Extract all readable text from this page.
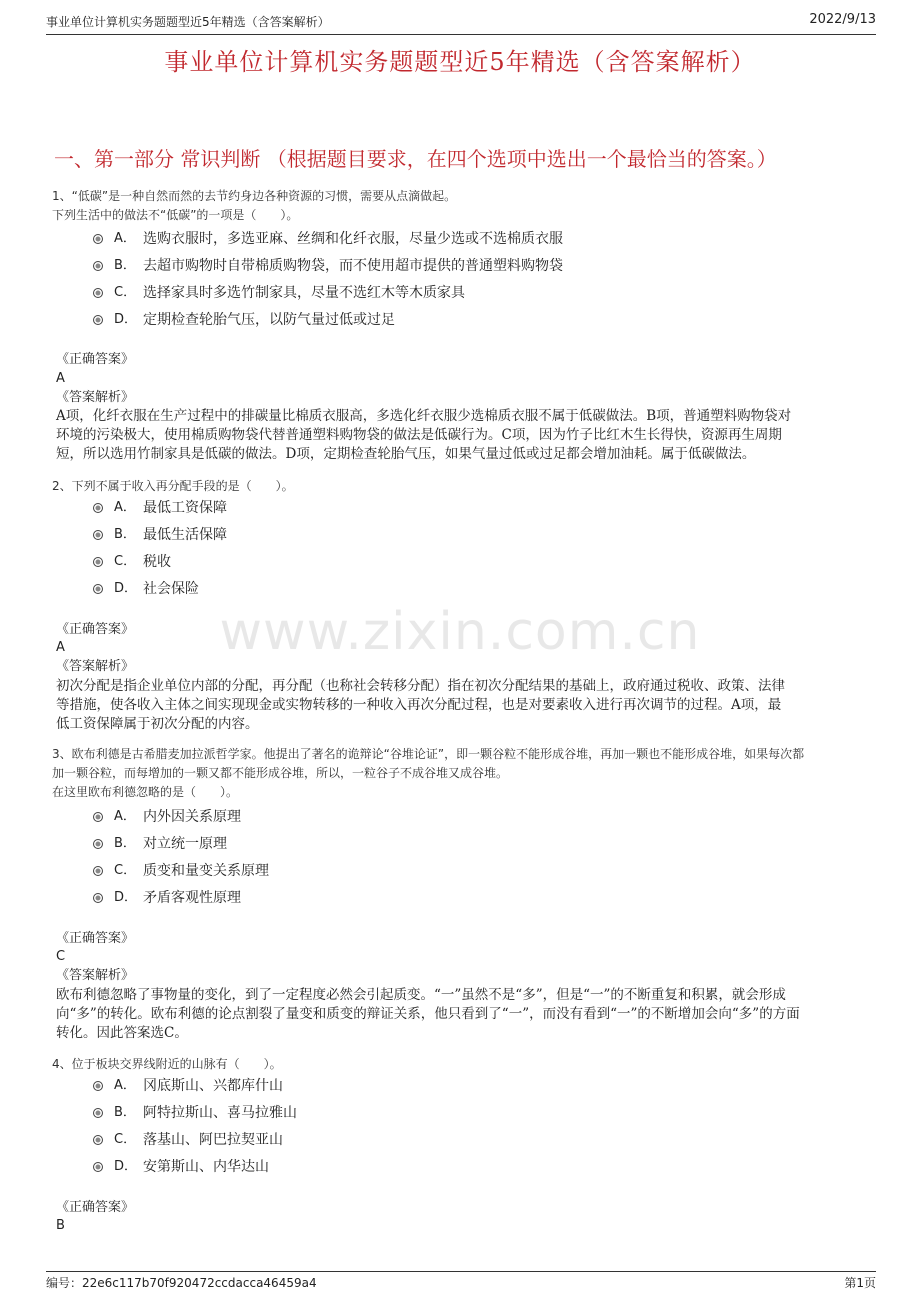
事业单位计算机实务题题型近5年精选（含答案解析）	2022/9/13
事业单位计算机实务题题型近5年精选（含答案解析）
一、第一部分 常识判断 （根据题目要求，在四个选项中选出一个最恰当的答案。）
www.zixin.com.cn

1、“低碳”是一种自然而然的去节约身边各种资源的习惯，需要从点滴做起。

下列生活中的做法不“低碳”的一项是（　　）。

A． 选购衣服时，多选亚麻、丝绸和化纤衣服，尽量少选或不选棉质衣服
B． 去超市购物时自带棉质购物袋，而不使用超市提供的普通塑料购物袋
C． 选择家具时多选竹制家具，尽量不选红木等木质家具
D． 定期检查轮胎气压，以防气量过低或过足
《正确答案》
A
《答案解析》

A项，化纤衣服在生产过程中的排碳量比棉质衣服高，多选化纤衣服少选棉质衣服不属于低碳做法。B项，普通塑料购物袋对

环境的污染极大，使用棉质购物袋代替普通塑料购物袋的做法是低碳行为。C项，因为竹子比红木生长得快，资源再生周期

短，所以选用竹制家具是低碳的做法。D项，定期检查轮胎气压，如果气量过低或过足都会增加油耗。属于低碳做法。

2、下列不属于收入再分配手段的是（　　）。

A． 最低工资保障
B． 最低生活保障
C． 税收
D． 社会保险
《正确答案》
A
《答案解析》

初次分配是指企业单位内部的分配，再分配（也称社会转移分配）指在初次分配结果的基础上，政府通过税收、政策、法律

等措施，使各收入主体之间实现现金或实物转移的一种收入再次分配过程，也是对要素收入进行再次调节的过程。A项，最

低工资保障属于初次分配的内容。

3、欧布利德是古希腊麦加拉派哲学家。他提出了著名的诡辩论“谷堆论证”，即一颗谷粒不能形成谷堆，再加一颗也不能形成谷堆，如果每次都

加一颗谷粒，而每增加的一颗又都不能形成谷堆，所以，一粒谷子不成谷堆又成谷堆。

在这里欧布利德忽略的是（　　）。

A． 内外因关系原理
B． 对立统一原理
C． 质变和量变关系原理
D． 矛盾客观性原理
《正确答案》
C
《答案解析》

欧布利德忽略了事物量的变化，到了一定程度必然会引起质变。“一”虽然不是“多”，但是“一”的不断重复和积累，就会形成

向“多”的转化。欧布利德的论点割裂了量变和质变的辩证关系，他只看到了“一”，而没有看到“一”的不断增加会向“多”的方面

转化。因此答案选C。

4、位于板块交界线附近的山脉有（　　）。

A． 冈底斯山、兴都库什山
B． 阿特拉斯山、喜马拉雅山
C． 落基山、阿巴拉契亚山
D． 安第斯山、内华达山
《正确答案》
B
编号：22e6c117b70f920472ccdacca46459a4	第1页
